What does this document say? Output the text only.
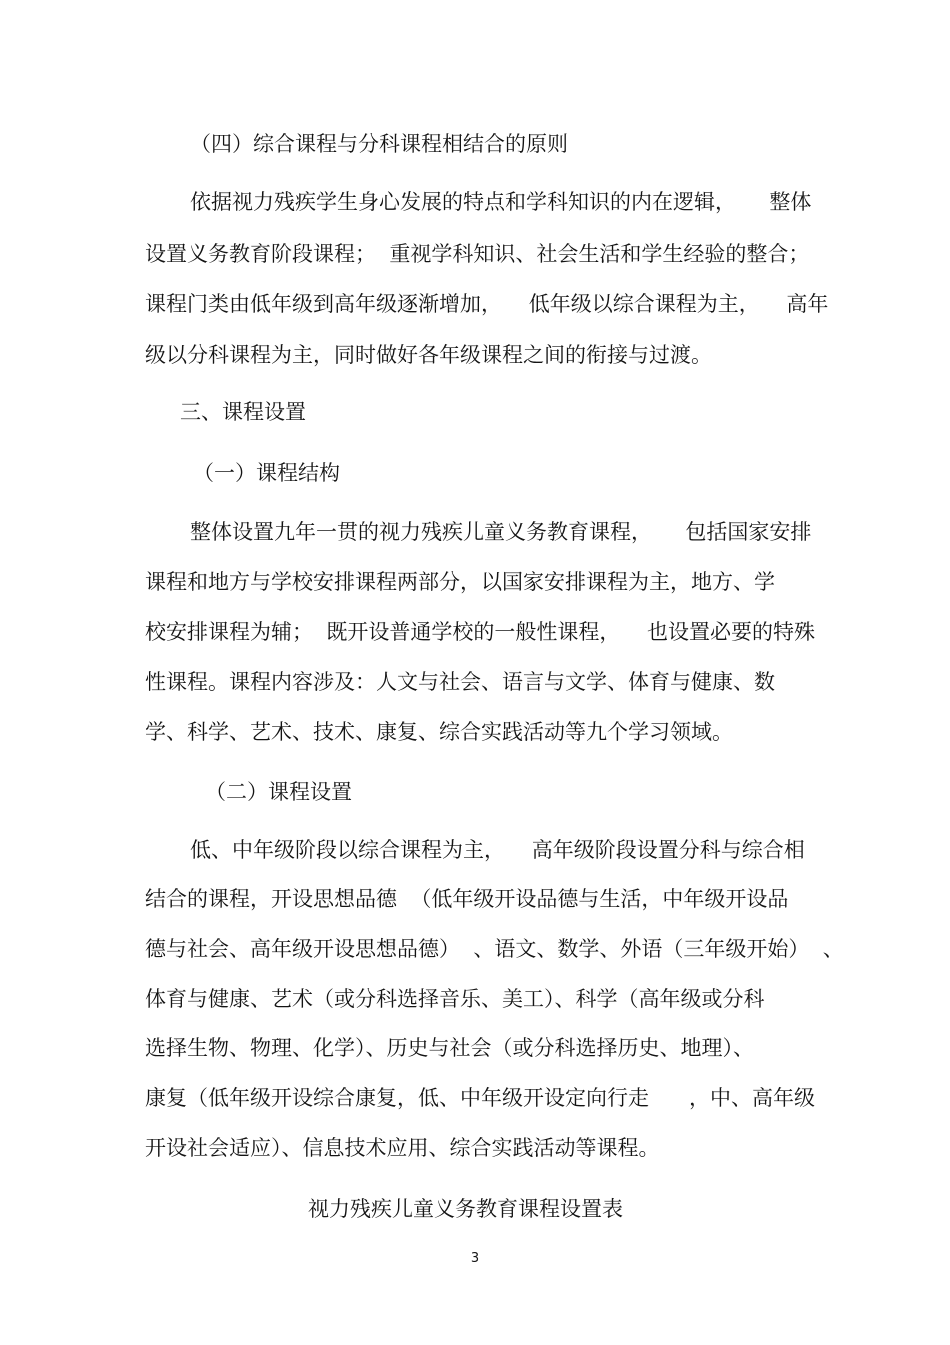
（四）综合课程与分科课程相结合的原则
依据视力残疾学生身心发展的特点和学科知识的内在逻辑，     整体
设置义务教育阶段课程；  重视学科知识、社会生活和学生经验的整合；
课程门类由低年级到高年级逐渐增加，    低年级以综合课程为主，    高年
级以分科课程为主，同时做好各年级课程之间的衔接与过渡。
三、课程设置
（一）课程结构
整体设置九年一贯的视力残疾儿童义务教育课程，     包括国家安排
课程和地方与学校安排课程两部分，以国家安排课程为主，地方、学
校安排课程为辅；  既开设普通学校的一般性课程，    也设置必要的特殊
性课程。课程内容涉及：人文与社会、语言与文学、体育与健康、数
学、科学、艺术、技术、康复、综合实践活动等九个学习领域。
（二）课程设置
低、中年级阶段以综合课程为主，    高年级阶段设置分科与综合相
结合的课程，开设思想品德  （低年级开设品德与生活，中年级开设品
德与社会、高年级开设思想品德）  、语文、数学、外语（三年级开始）  、
体育与健康、艺术（或分科选择音乐、美工）、科学（高年级或分科
选择生物、物理、化学）、历史与社会（或分科选择历史、地理）、
康复（低年级开设综合康复，低、中年级开设定向行走      ，中、高年级
开设社会适应）、信息技术应用、综合实践活动等课程。
视力残疾儿童义务教育课程设置表
3
